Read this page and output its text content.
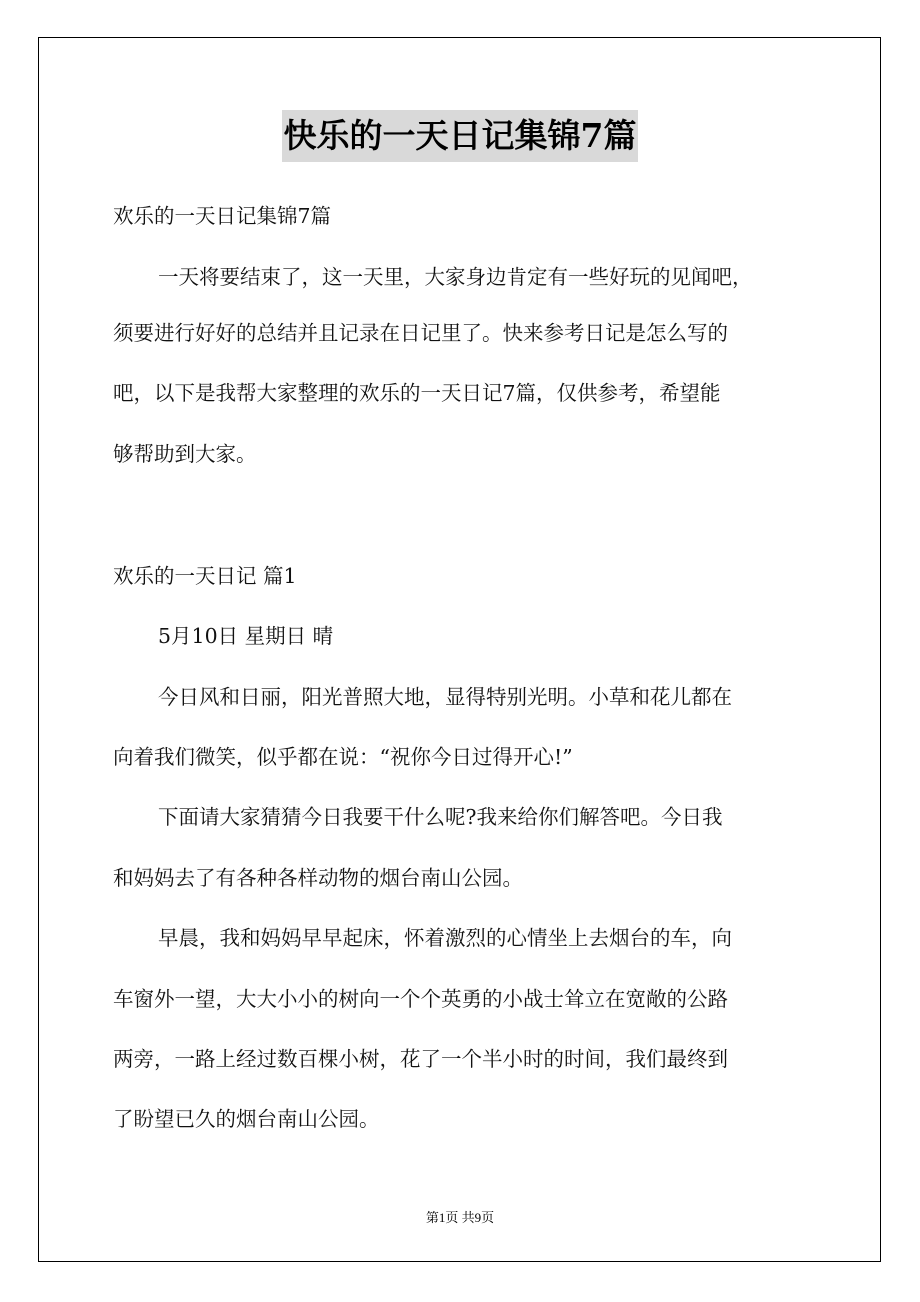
快乐的一天日记集锦7篇
欢乐的一天日记集锦7篇
一天将要结束了，这一天里，大家身边肯定有一些好玩的见闻吧，
须要进行好好的总结并且记录在日记里了。快来参考日记是怎么写的
吧，以下是我帮大家整理的欢乐的一天日记7篇，仅供参考，希望能
够帮助到大家。
欢乐的一天日记 篇1
5月10日 星期日 晴
今日风和日丽，阳光普照大地，显得特别光明。小草和花儿都在
向着我们微笑，似乎都在说：“祝你今日过得开心!”
下面请大家猜猜今日我要干什么呢?我来给你们解答吧。今日我
和妈妈去了有各种各样动物的烟台南山公园。
早晨，我和妈妈早早起床，怀着激烈的心情坐上去烟台的车，向
车窗外一望，大大小小的树向一个个英勇的小战士耸立在宽敞的公路
两旁，一路上经过数百棵小树，花了一个半小时的时间，我们最终到
了盼望已久的烟台南山公园。
第1页 共9页
